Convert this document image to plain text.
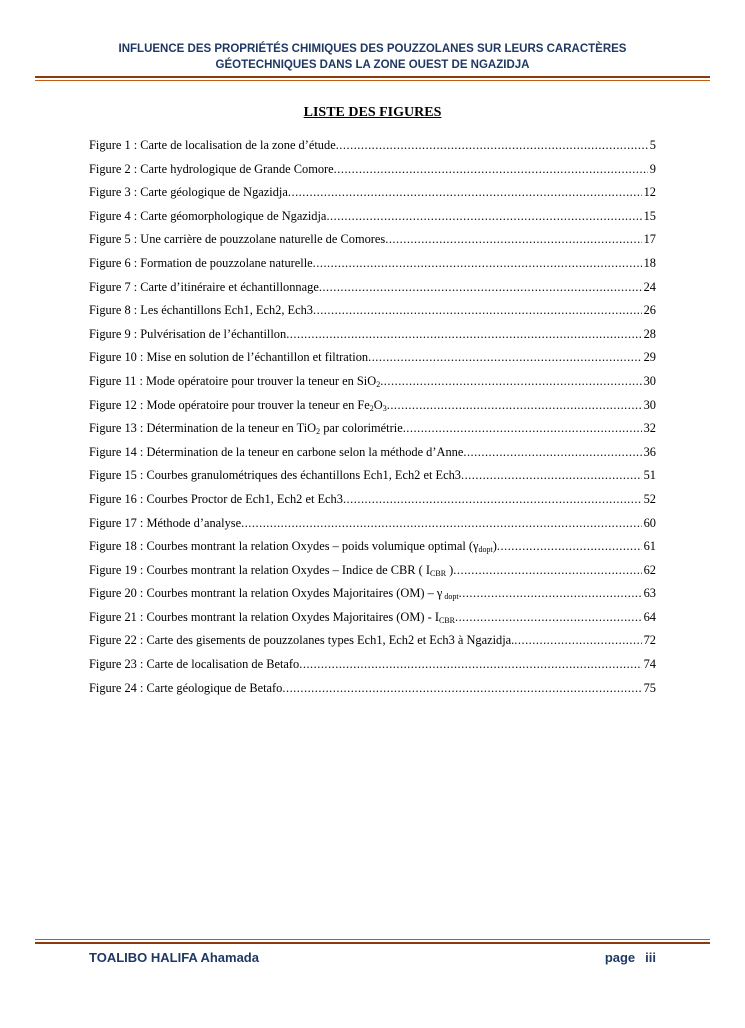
INFLUENCE DES PROPRIÉTÉS CHIMIQUES DES POUZZOLANES SUR LEURS CARACTÈRES
GÉOTECHNIQUES DANS LA ZONE OUEST DE NGAZIDJA
LISTE DES FIGURES
Figure 1 : Carte de localisation de la zone d’étude .....	5
Figure 2 : Carte hydrologique de Grande Comore .....	9
Figure 3 : Carte géologique de Ngazidja .....	12
Figure 4 : Carte géomorphologique de Ngazidja .....	15
Figure 5 : Une carrière de pouzzolane naturelle de Comores .....	17
Figure 6 : Formation de pouzzolane naturelle .....	18
Figure 7 : Carte d’itinéraire et échantillonnage .....	24
Figure 8 : Les échantillons Ech1, Ech2, Ech3 .....	26
Figure 9 : Pulvérisation de l’échantillon .....	28
Figure 10 : Mise en solution de l’échantillon et filtration .....	29
Figure 11 : Mode opératoire pour trouver la teneur en SiO$_2$ .....	30
Figure 12 : Mode opératoire pour trouver la teneur en $Fe_2O_3$ .....	30
Figure 13 : Détermination de la teneur en TiO$_2$ par colorimétrie .....	32
Figure 14 : Détermination de la teneur en carbone selon la méthode d’Anne .....	36
Figure 15 : Courbes granulométriques des échantillons Ech1, Ech2 et Ech3 .....	51
Figure 16 : Courbes Proctor de Ech1, Ech2 et Ech3 .....	52
Figure 17 : Méthode d’analyse .....	60
Figure 18 : Courbes montrant la relation Oxydes – poids volumique optimal $(\gamma_{dopt})$ .....	61
Figure 19 : Courbes montrant la relation Oxydes – Indice de CBR ( $I_{CBR}$ ) .....	62
Figure 20 : Courbes montrant la relation Oxydes Majoritaires (OM) – γ $_{dopt}$ .....	63
Figure 21 : Courbes montrant la relation Oxydes Majoritaires $(OM) - I_{CBR}$ .....	64
Figure 22 : Carte des gisements de pouzzolanes types Ech1, Ech2 et Ech3 à Ngazidja. .....	72
Figure 23 : Carte de localisation de Betafo .....	74
Figure 24 : Carte géologique de Betafo .....	75
TOALIBO HALIFA Ahamada	page iii
